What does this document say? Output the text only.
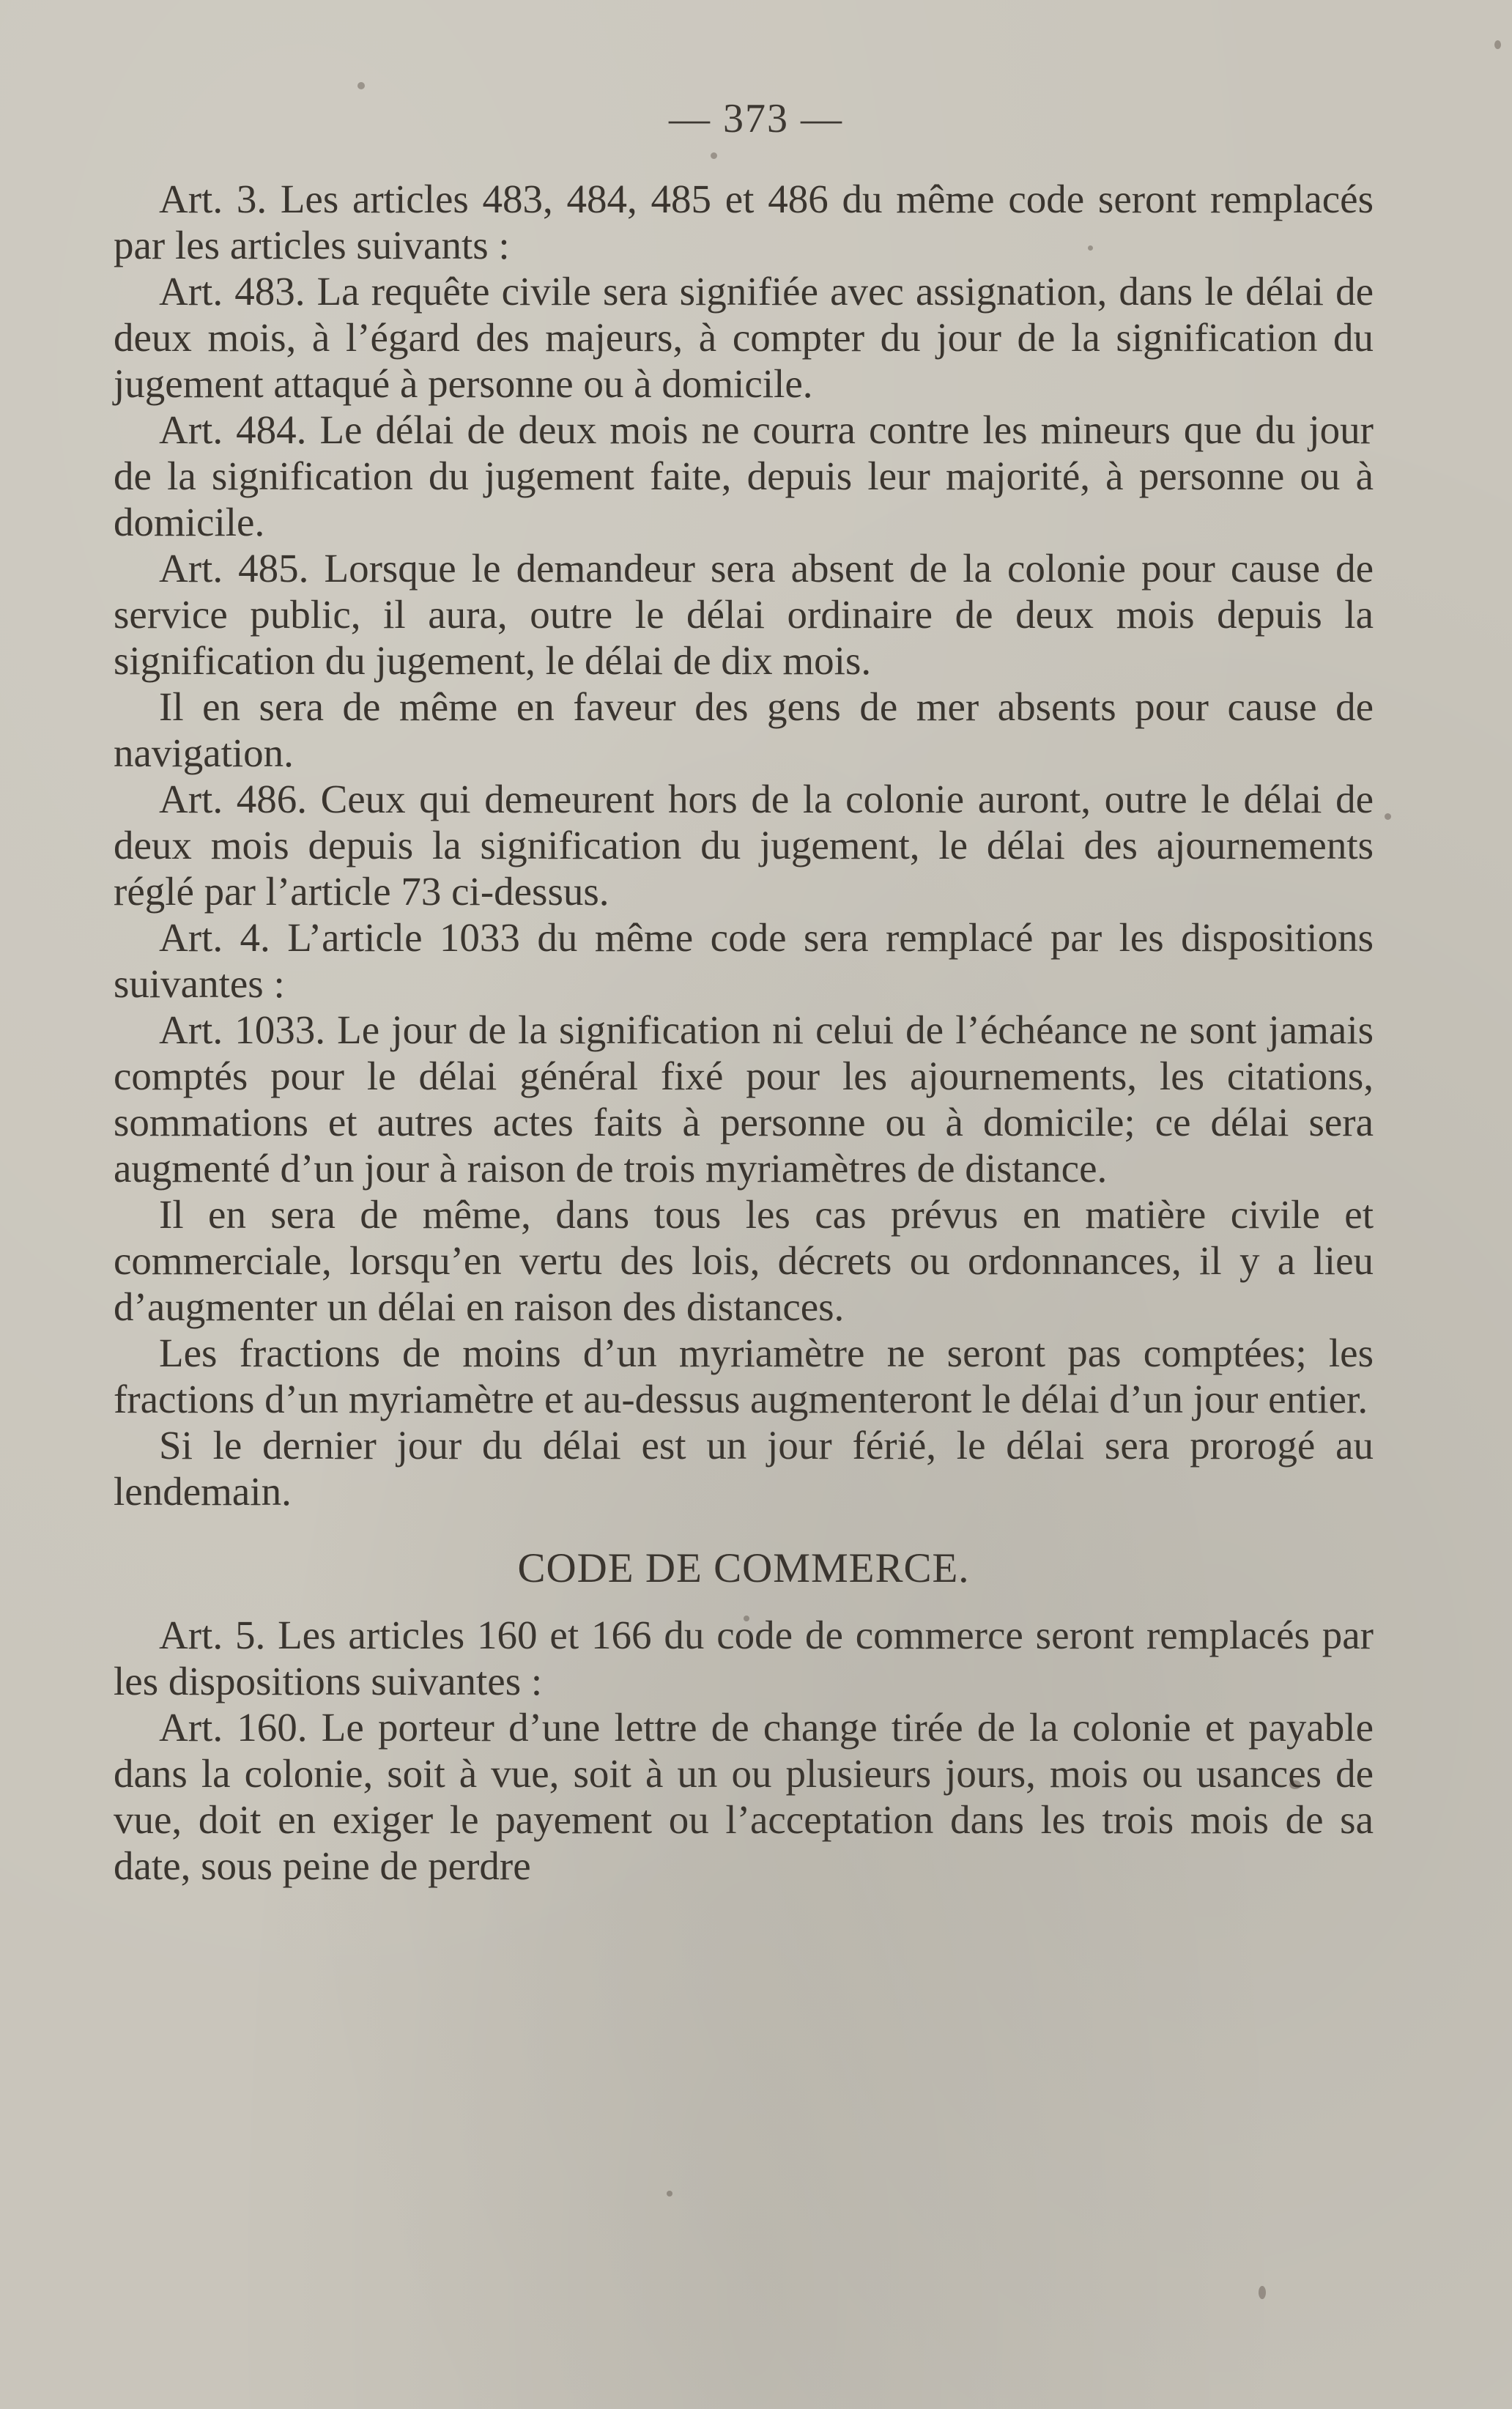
— 373 —

Art. 3. Les articles 483, 484, 485 et 486 du même code seront remplacés par les articles suivants :

Art. 483. La requête civile sera signifiée avec assignation, dans le délai de deux mois, à l’égard des majeurs, à compter du jour de la signification du jugement attaqué à personne ou à domicile.

Art. 484. Le délai de deux mois ne courra contre les mineurs que du jour de la signification du jugement faite, depuis leur majorité, à personne ou à domicile.

Art. 485. Lorsque le demandeur sera absent de la colonie pour cause de service public, il aura, outre le délai ordinaire de deux mois depuis la signification du jugement, le délai de dix mois.

Il en sera de même en faveur des gens de mer absents pour cause de navigation.

Art. 486. Ceux qui demeurent hors de la colonie auront, outre le délai de deux mois depuis la signification du jugement, le délai des ajournements réglé par l’article 73 ci-dessus.

Art. 4. L’article 1033 du même code sera remplacé par les dispositions suivantes :

Art. 1033. Le jour de la signification ni celui de l’échéance ne sont jamais comptés pour le délai général fixé pour les ajournements, les citations, sommations et autres actes faits à personne ou à domicile; ce délai sera augmenté d’un jour à raison de trois myriamètres de distance.

Il en sera de même, dans tous les cas prévus en matière civile et commerciale, lorsqu’en vertu des lois, décrets ou ordonnances, il y a lieu d’augmenter un délai en raison des distances.

Les fractions de moins d’un myriamètre ne seront pas comptées; les fractions d’un myriamètre et au-dessus augmenteront le délai d’un jour entier.

Si le dernier jour du délai est un jour férié, le délai sera prorogé au lendemain.

CODE DE COMMERCE.

Art. 5. Les articles 160 et 166 du code de commerce seront remplacés par les dispositions suivantes :

Art. 160. Le porteur d’une lettre de change tirée de la colonie et payable dans la colonie, soit à vue, soit à un ou plusieurs jours, mois ou usances de vue, doit en exiger le payement ou l’acceptation dans les trois mois de sa date, sous peine de perdre
